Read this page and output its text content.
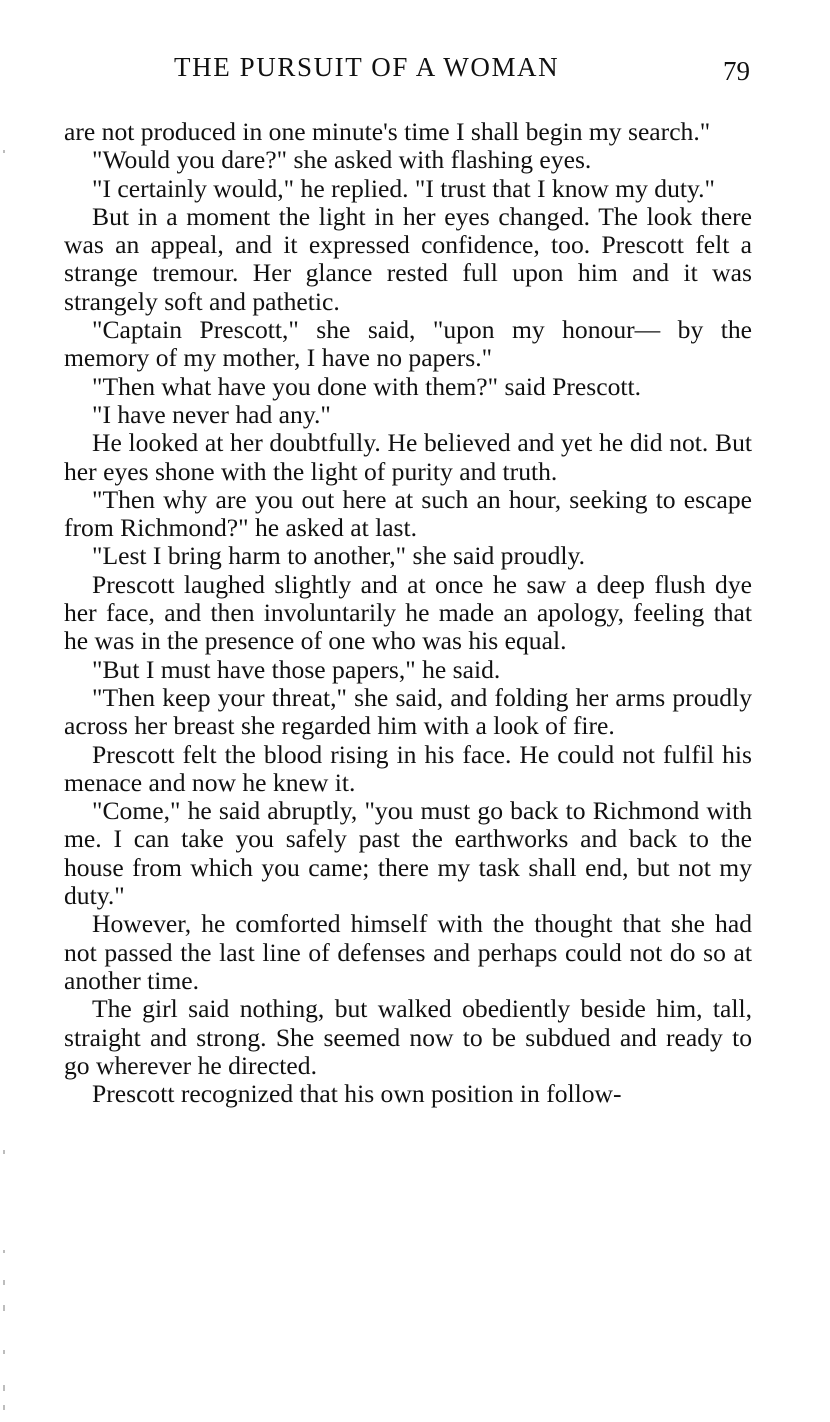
THE PURSUIT OF A WOMAN	79

are not produced in one minute's time I shall begin my search."

"Would you dare?" she asked with flashing eyes.

"I certainly would," he replied. "I trust that I know my duty."

But in a moment the light in her eyes changed. The look there was an appeal, and it expressed confidence, too. Prescott felt a strange tremour. Her glance rested full upon him and it was strangely soft and pathetic.

"Captain Prescott," she said, "upon my honour— by the memory of my mother, I have no papers."

"Then what have you done with them?" said Prescott.

"I have never had any."

He looked at her doubtfully. He believed and yet he did not. But her eyes shone with the light of purity and truth.

"Then why are you out here at such an hour, seeking to escape from Richmond?" he asked at last.

"Lest I bring harm to another," she said proudly.

Prescott laughed slightly and at once he saw a deep flush dye her face, and then involuntarily he made an apology, feeling that he was in the presence of one who was his equal.

"But I must have those papers," he said.

"Then keep your threat," she said, and folding her arms proudly across her breast she regarded him with a look of fire.

Prescott felt the blood rising in his face. He could not fulfil his menace and now he knew it.

"Come," he said abruptly, "you must go back to Richmond with me. I can take you safely past the earthworks and back to the house from which you came; there my task shall end, but not my duty."

However, he comforted himself with the thought that she had not passed the last line of defenses and perhaps could not do so at another time.

The girl said nothing, but walked obediently beside him, tall, straight and strong. She seemed now to be subdued and ready to go wherever he directed.

Prescott recognized that his own position in follow-
